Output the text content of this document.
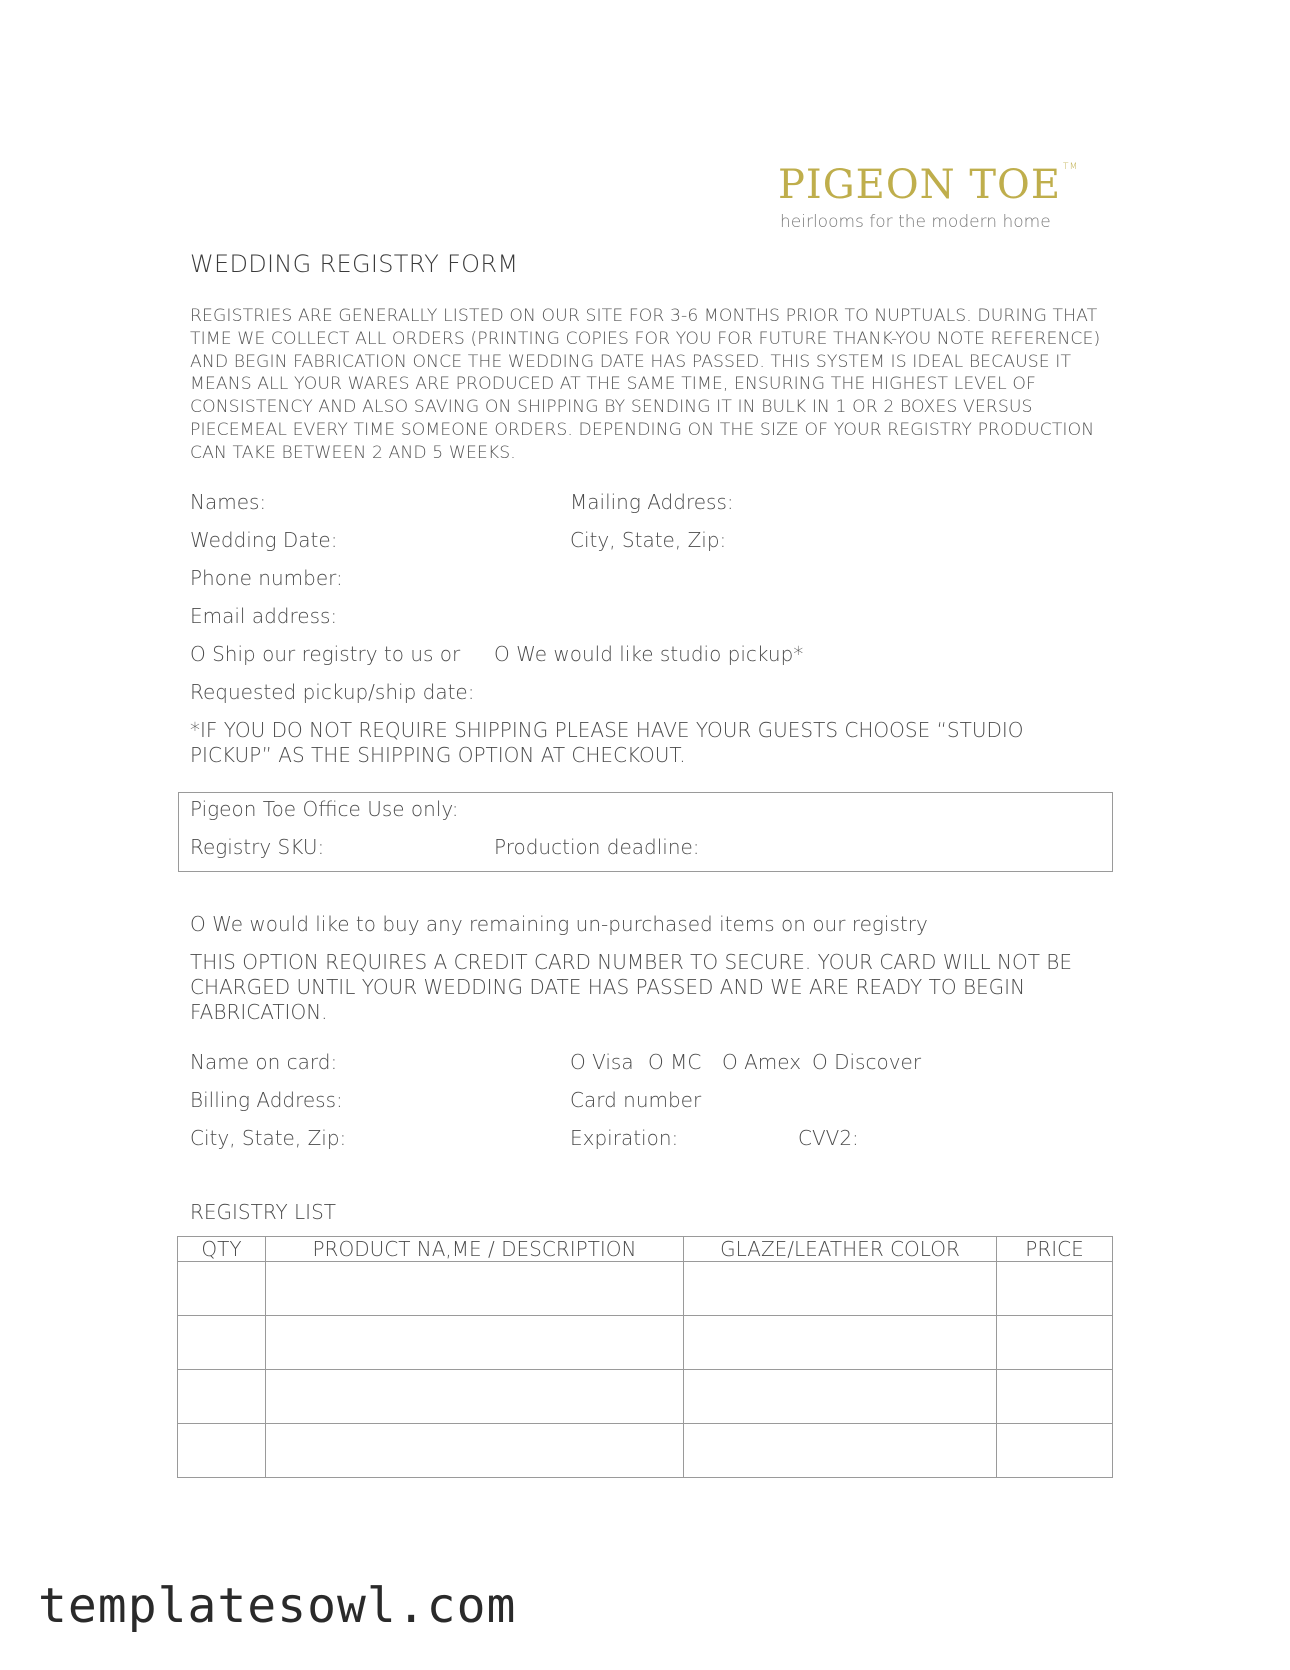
PIGEON TOE ™
heirlooms for the modern home
WEDDING REGISTRY FORM
REGISTRIES ARE GENERALLY LISTED ON OUR SITE FOR 3-6 MONTHS PRIOR TO NUPTUALS. DURING THAT TIME WE COLLECT ALL ORDERS (PRINTING COPIES FOR YOU FOR FUTURE THANK-YOU NOTE REFERENCE) AND BEGIN FABRICATION ONCE THE WEDDING DATE HAS PASSED. THIS SYSTEM IS IDEAL BECAUSE IT MEANS ALL YOUR WARES ARE PRODUCED AT THE SAME TIME, ENSURING THE HIGHEST LEVEL OF CONSISTENCY AND ALSO SAVING ON SHIPPING BY SENDING IT IN BULK IN 1 OR 2 BOXES VERSUS PIECEMEAL EVERY TIME SOMEONE ORDERS. DEPENDING ON THE SIZE OF YOUR REGISTRY PRODUCTION CAN TAKE BETWEEN 2 AND 5 WEEKS.
Names:	Mailing Address:
Wedding Date:	City, State, Zip:
Phone number:
Email address:
O Ship our registry to us or O We would like studio pickup*
Requested pickup/ship date:
*IF YOU DO NOT REQUIRE SHIPPING PLEASE HAVE YOUR GUESTS CHOOSE “STUDIO PICKUP” AS THE SHIPPING OPTION AT CHECKOUT.
Pigeon Toe Office Use only:
Registry SKU:	Production deadline:
O We would like to buy any remaining un-purchased items on our registry
THIS OPTION REQUIRES A CREDIT CARD NUMBER TO SECURE. YOUR CARD WILL NOT BE CHARGED UNTIL YOUR WEDDING DATE HAS PASSED AND WE ARE READY TO BEGIN FABRICATION.
Name on card:	O Visa O MC O Amex O Discover
Billing Address:	Card number
City, State, Zip:	Expiration:	CVV2:
REGISTRY LIST
QTY	PRODUCT NA,ME / DESCRIPTION	GLAZE/LEATHER COLOR	PRICE

templatesowl.com
